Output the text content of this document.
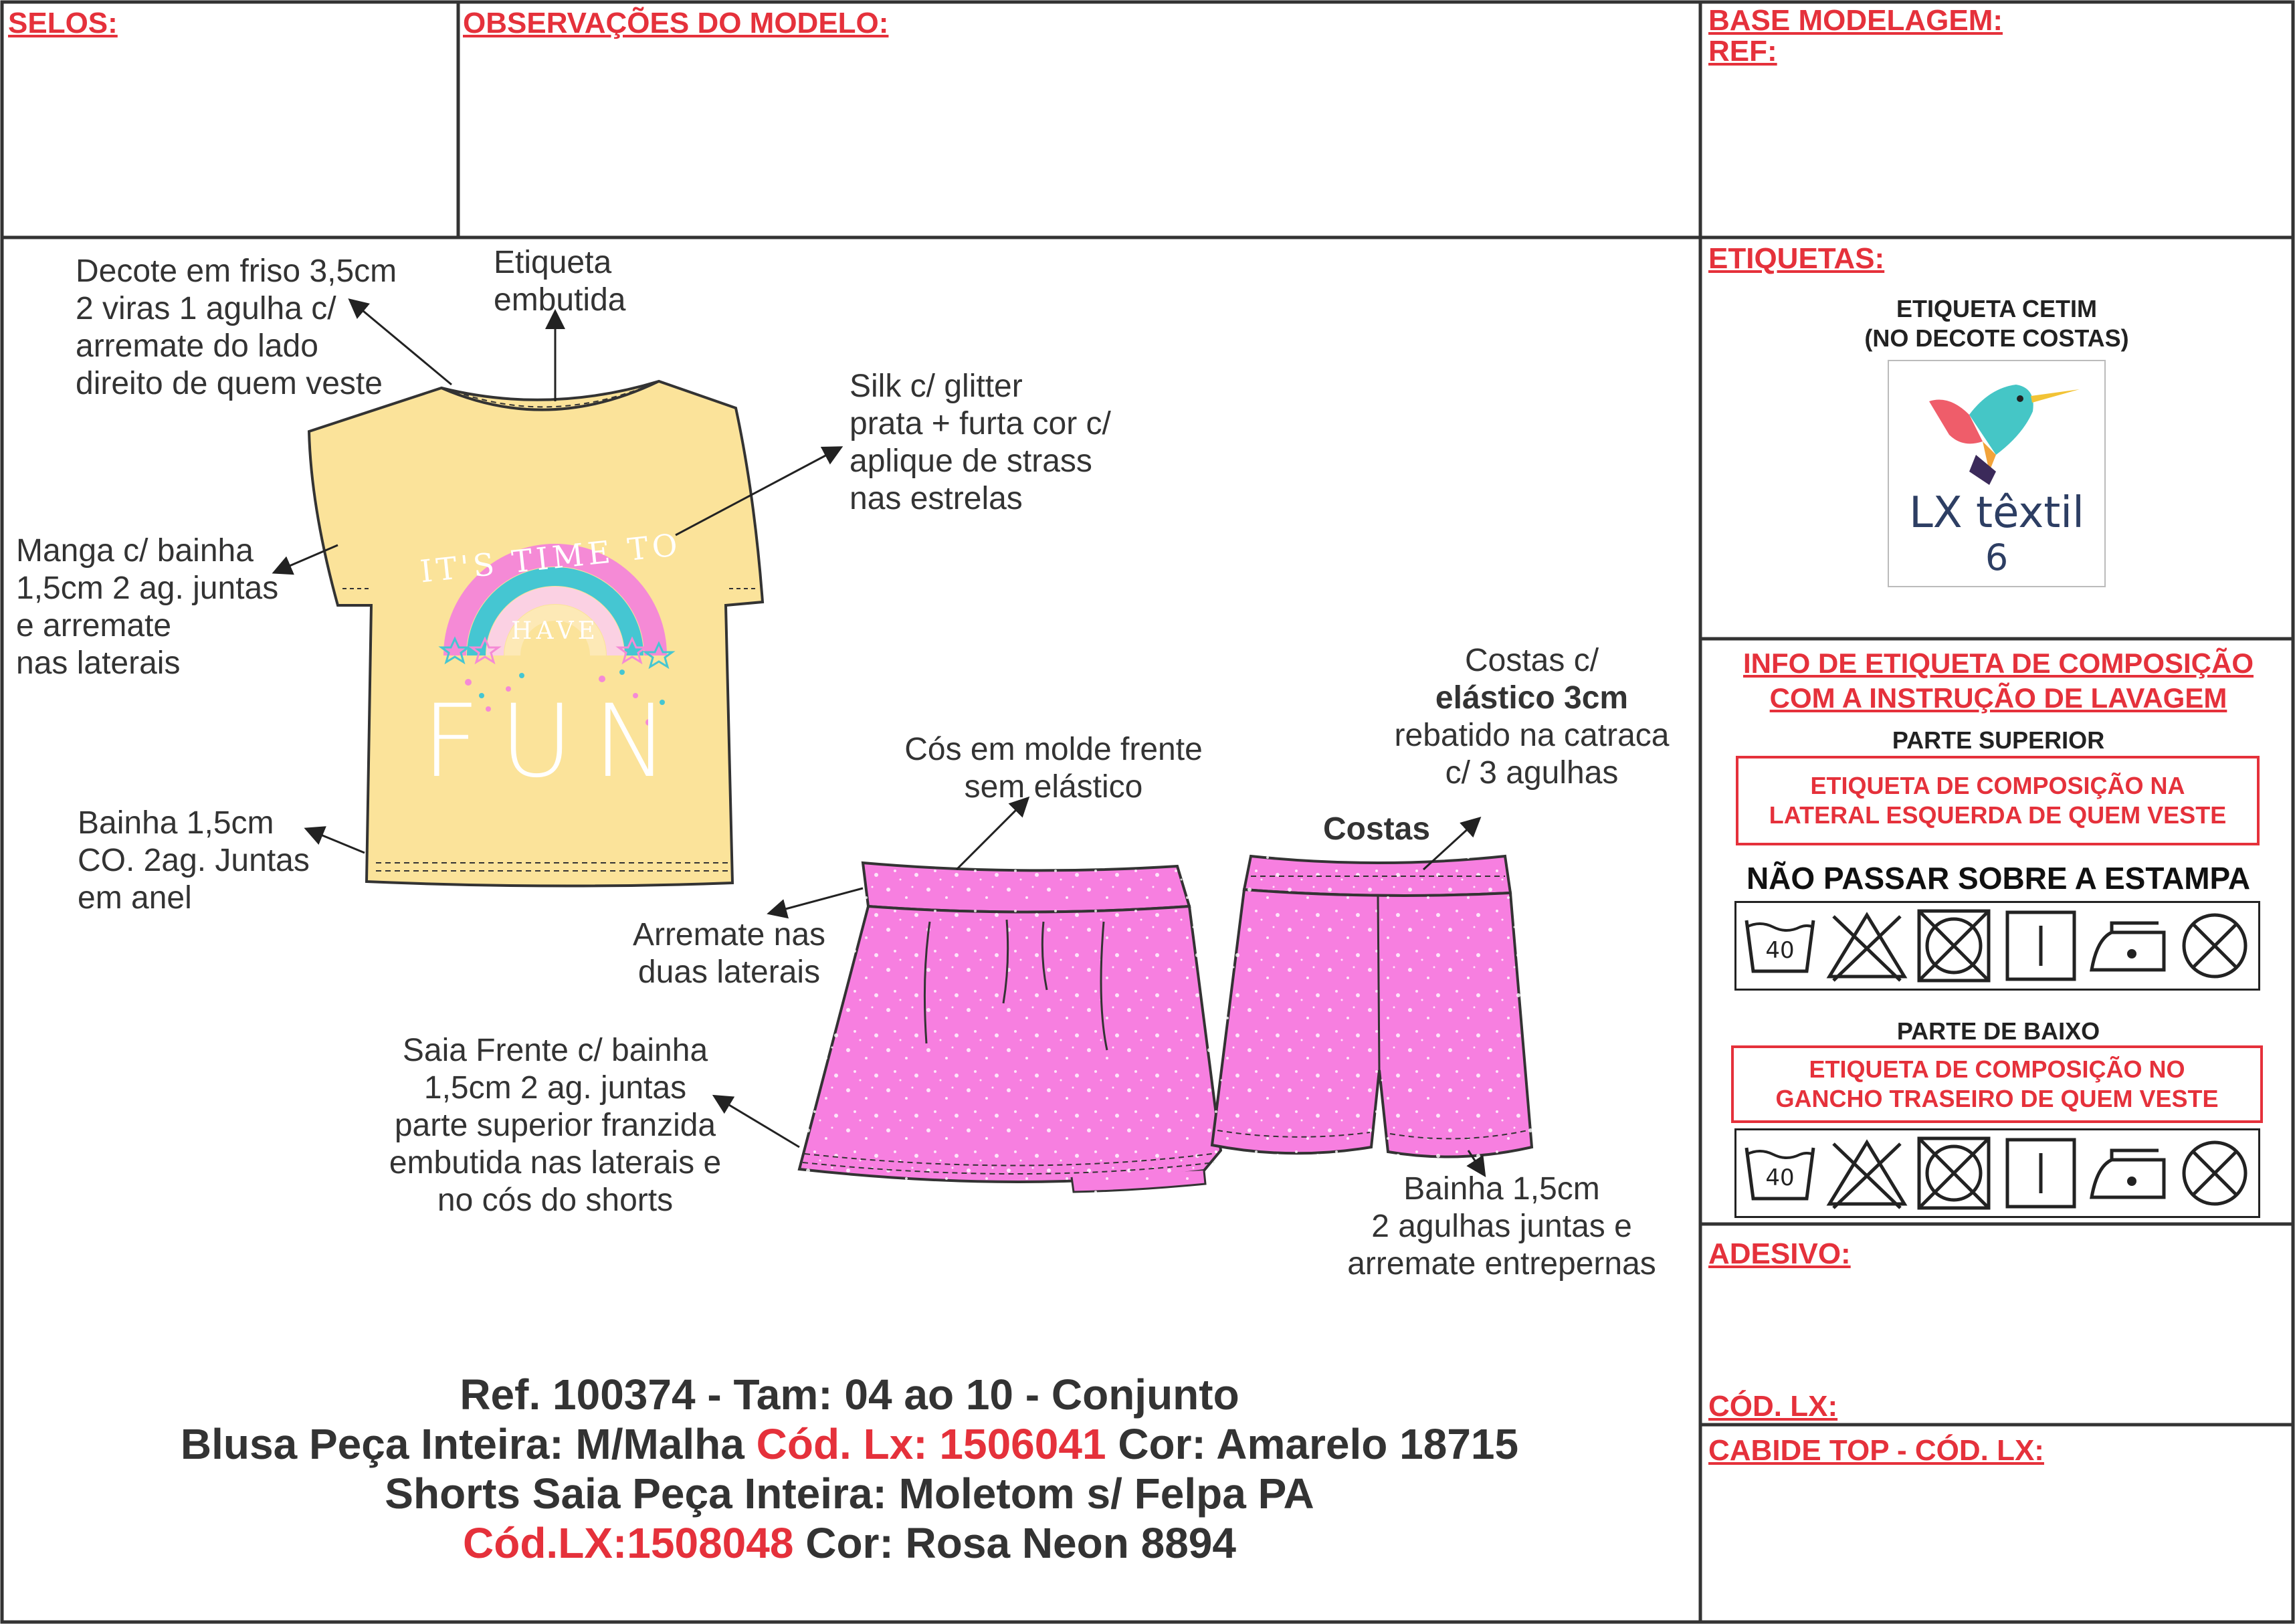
SELOS:	OBSERVAÇÕES DO MODELO:	BASE MODELAGEM:
REF:
ETIQUETAS:
ADESIVO:
CÓD. LX:
CABIDE TOP - CÓD. LX:
IT'S TIME TO
HAVE
FUN
Decote em friso 3,5cm
2 viras 1 agulha c/
arremate do lado
direito de quem veste
Etiqueta
embutida
Silk c/ glitter
prata + furta cor c/
aplique de strass
nas estrelas
Manga c/ bainha
1,5cm 2 ag. juntas
e arremate
nas laterais
Bainha 1,5cm
CO. 2ag. Juntas
em anel
Cós em molde frente
sem elástico
Costas c/
elástico 3cm
rebatido na catraca
c/ 3 agulhas
Costas
Arremate nas
duas laterais
Saia Frente c/ bainha
1,5cm 2 ag. juntas
parte superior franzida
embutida nas laterais e
no cós do shorts	Bainha 1,5cm
2 agulhas juntas e
arremate entrepernas
ETIQUETA CETIM
(NO DECOTE COSTAS)
LX têxtil
6
INFO DE ETIQUETA DE COMPOSIÇÃO
COM A INSTRUÇÃO DE LAVAGEM
PARTE SUPERIOR
ETIQUETA DE COMPOSIÇÃO NA
LATERAL ESQUERDA DE QUEM VESTE
NÃO PASSAR SOBRE A ESTAMPA
40
PARTE DE BAIXO
ETIQUETA DE COMPOSIÇÃO NO
GANCHO TRASEIRO DE QUEM VESTE
40
Ref. 100374 - Tam: 04 ao 10 - Conjunto
Blusa Peça Inteira: M/Malha Cód. Lx: 1506041 Cor: Amarelo 18715
Shorts Saia Peça Inteira: Moletom s/ Felpa PA
Cód.LX:1508048 Cor: Rosa Neon 8894
